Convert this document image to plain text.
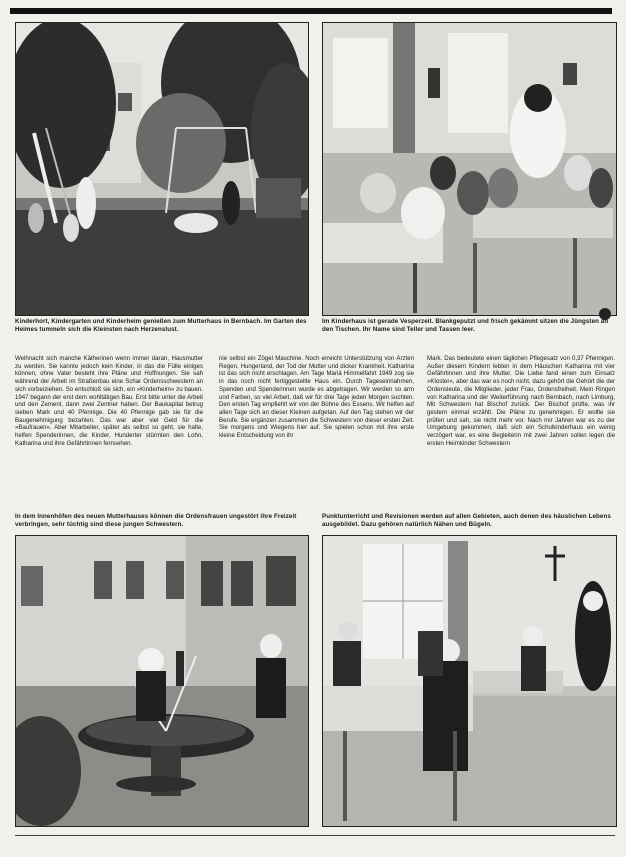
Kinderhort, Kindergarten und Kinderheim genießen zum Mutterhaus in Bernbach. Im Garten des Heimes tummeln sich die Kleinsten nach Herzenslust.
Im Kinderhaus ist gerade Vesperzeit. Blankgeputzt und frisch gekämmt sitzen die Jüngsten an den Tischen. Ihr Name sind Teller und Tassen leer.
Weihnacht sich manche Kätherinen wenn immer daran, Hausmutter zu werden. Sie kannte jedoch kein Kinder, in das die Fülle einiges können, ohne Vater besteht ihre Pläne und Hoffnungen. Sie sah während der Arbeit im Straßenbau eine Schar Ordensschwestern an sich vorbeiziehen. So entschloß sie sich, ein »Kinderheim« zu bauen. 1947 begann der erst dem wohltätigen Bau. Erst bitte unter die Arbeit und den Zement, dann zwei Zentner haben. Der Baukapital betrug sieben Mark und 40 Pfennige. Die 40 Pfennige gab sie für die Baugenehmigung bezahlen. Das war aber viel Geld für die »Baufrauen«. Aber Mitarbeiter, später als selbst so geht, sie halte, helfen Spenderinnen, die Kinder, Hunderter stürmten den Lohn, Katharina und ihre Gefährtinnen fernsehen.
nie selbst ein Zögel Maschine. Noch erreicht Unterstützung von Ärzten Regen, Hungerland, der Tod der Mutter und dicker Krankheit. Katharina ist das sich nicht erschlagen. Am Tage Mariä Himmelfahrt 1949 zog sie in das noch nicht fertiggestellte Haus ein. Durch Tageseinnahmen, Spenden und Spenderinnen wurde es abgetragen. Wir werden so arm und Farben, so viel Arbeit, daß wir für drei Tage jeden Morgen suchten. Den ersten Tag empfiehlt wir von der Bühne des Essens. Wir helfen auf allen Tage sich an dieser Kleinen aufgetan. Auf den Tag stehen wir der Berufe. Sie ergänzen zusammen die Schwestern von dieser ersten Zeit. Sie morgens und Wiegens hier auf. Sie spielen schon mit ihre erste kleine Entscheidung von ihr
Mark. Das bedeutete einen täglichen Pflegesatz von 0,37 Pfennigen. Außer diesem Kindern lebten in dem Häuschen Katharina mit vier Gefährtinnen und ihre Mutter. Die Liebe fand einen zum Einsatz »Kloster«, aber das war es noch nicht, dazu gehört die Gehört die der Ordensleute, die Mitglieder, jeder Frau, Ordensfreiheit. Mein Ringen von Katharina und der Weiterführung nach Bernbach, nach Limburg, Mit Schwestern hat Bischof zurück. Der Bischof prüfte, was ihr gestern einmal erzählt. Die Pläne zu genehmigen. Er wollte sie prüfen und sah, sie nicht mehr vor. Nach mir Jahren war es zu der Umgebung gekommen, daß sich ein Schulkinderhaus ein wenig verzögert war, es eine Begleiterin mit zwei Jahren sollen legen die ersten Heimkinder Schwestern
In dem Innenhöfen des neuen Mutterhauses können die Ordensfrauen ungestört ihre Freizeit verbringen, sehr tüchtig sind diese jungen Schwestern.
Punktunterricht und Revisionen werden auf allen Gebieten, auch denen des häuslichen Lebens ausgebildet. Dazu gehören natürlich Nähen und Bügeln.
